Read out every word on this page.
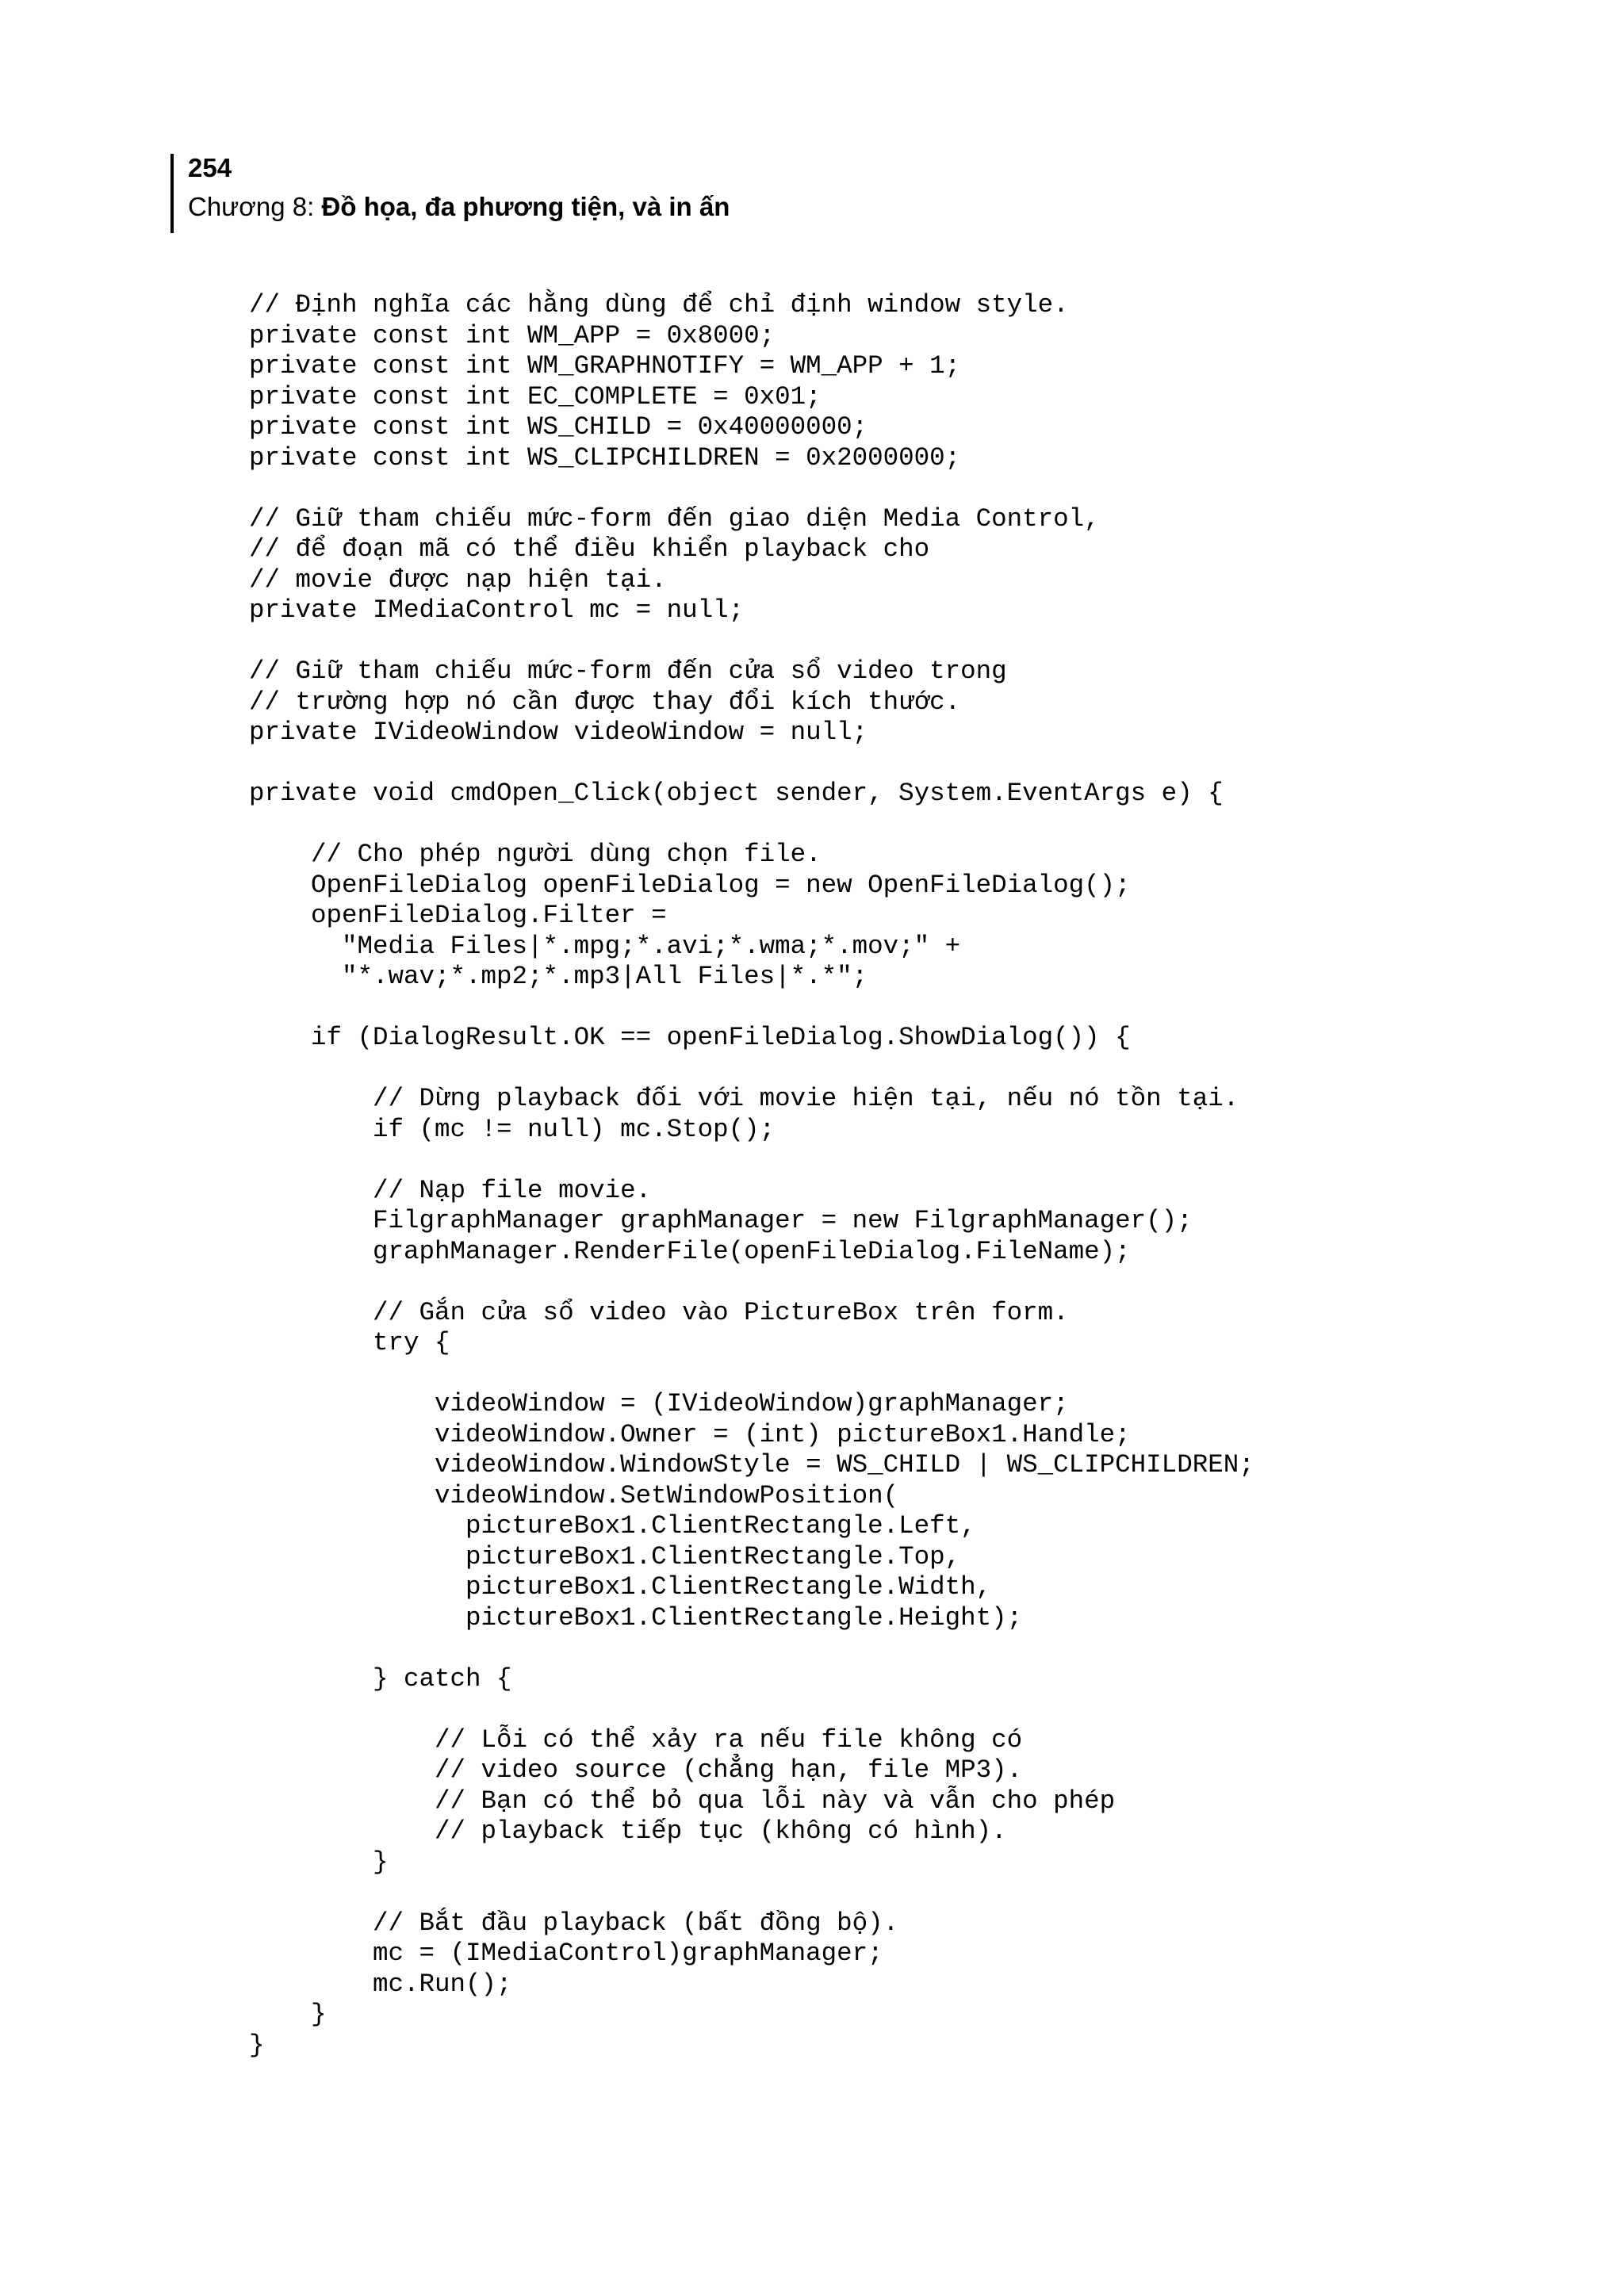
254
Chương 8: Đồ họa, đa phương tiện, và in ấn
// Định nghĩa các hằng dùng để chỉ định window style.
private const int WM_APP = 0x8000;
private const int WM_GRAPHNOTIFY = WM_APP + 1;
private const int EC_COMPLETE = 0x01;
private const int WS_CHILD = 0x40000000;
private const int WS_CLIPCHILDREN = 0x2000000;
// Giữ tham chiếu mức-form đến giao diện Media Control,
// để đoạn mã có thể điều khiển playback cho
// movie được nạp hiện tại.
private IMediaControl mc = null;
// Giữ tham chiếu mức-form đến cửa sổ video trong
// trường hợp nó cần được thay đổi kích thước.
private IVideoWindow videoWindow = null;
private void cmdOpen_Click(object sender, System.EventArgs e) {
// Cho phép người dùng chọn file.
OpenFileDialog openFileDialog = new OpenFileDialog();
openFileDialog.Filter =
"Media Files|*.mpg;*.avi;*.wma;*.mov;" +
"*.wav;*.mp2;*.mp3|All Files|*.*";
if (DialogResult.OK == openFileDialog.ShowDialog()) {
// Dừng playback đối với movie hiện tại, nếu nó tồn tại.
if (mc != null) mc.Stop();
// Nạp file movie.
FilgraphManager graphManager = new FilgraphManager();
graphManager.RenderFile(openFileDialog.FileName);
// Gắn cửa sổ video vào PictureBox trên form.
try {
videoWindow = (IVideoWindow)graphManager;
videoWindow.Owner = (int) pictureBox1.Handle;
videoWindow.WindowStyle = WS_CHILD | WS_CLIPCHILDREN;
videoWindow.SetWindowPosition(
pictureBox1.ClientRectangle.Left,
pictureBox1.ClientRectangle.Top,
pictureBox1.ClientRectangle.Width,
pictureBox1.ClientRectangle.Height);
} catch {
// Lỗi có thể xảy ra nếu file không có
// video source (chẳng hạn, file MP3).
// Bạn có thể bỏ qua lỗi này và vẫn cho phép
// playback tiếp tục (không có hình).
}
// Bắt đầu playback (bất đồng bộ).
mc = (IMediaControl)graphManager;
mc.Run();
}
}
